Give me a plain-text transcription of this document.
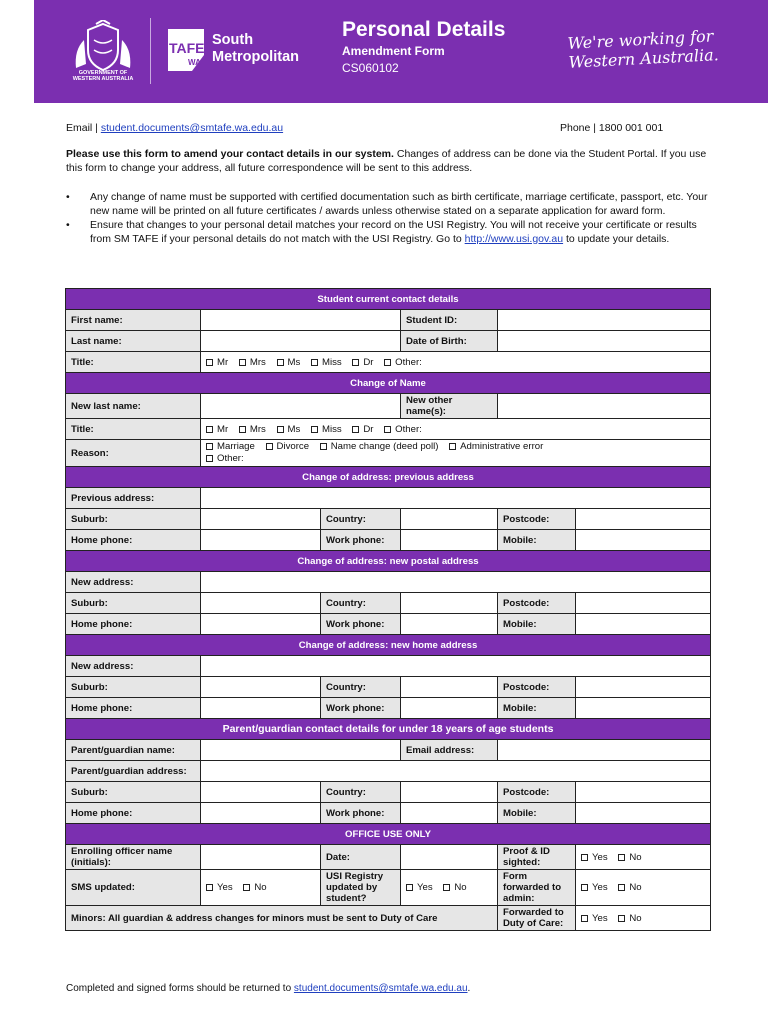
GOVERNMENT OF
WESTERN AUSTRALIA
TAFE
WA
South
Metropolitan
Personal Details
Amendment Form
CS060102
We're working for
Western Australia.
Email | student.documents@smtafe.wa.edu.au	Phone | 1800 001 001
Please use this form to amend your contact details in our system. Changes of address can be done via the Student Portal. If you use this form to change your address, all future correspondence will be sent to this address.
• Any change of name must be supported with certified documentation such as birth certificate, marriage certificate, passport, etc. Your new name will be printed on all future certificates / awards unless otherwise stated on a separate application for award form.
• Ensure that changes to your personal detail matches your record on the USI Registry. You will not receive your certificate or results from SM TAFE if your personal details do not match with the USI Registry. Go to http://www.usi.gov.au to update your details.
Student current contact details					
First name:			Student ID:		
Last name:			Date of Birth:		
Title:	Mr Mrs Ms Miss Dr Other:				
Change of Name					
New last name:			New other name(s):		
Title:	Mr Mrs Ms Miss Dr Other:				
Reason:	Marriage Divorce Name change (deed poll) Administrative error
Other:				
Change of address: previous address					
Previous address:					
Suburb:		Country:		Postcode:	
Home phone:		Work phone:		Mobile:	
Change of address: new postal address					
New address:					
Suburb:		Country:		Postcode:	
Home phone:		Work phone:		Mobile:	
Change of address: new home address					
New address:					
Suburb:		Country:		Postcode:	
Home phone:		Work phone:		Mobile:	
Parent/guardian contact details for under 18 years of age students					
Parent/guardian name:			Email address:		
Parent/guardian address:					
Suburb:		Country:		Postcode:	
Home phone:		Work phone:		Mobile:	
OFFICE USE ONLY					
Enrolling officer name (initials):		Date:		Proof & ID sighted:	Yes No
SMS updated:	Yes No	USI Registry updated by student?	Yes No	Form forwarded to admin:	Yes No
Minors: All guardian & address changes for minors must be sent to Duty of Care				Forwarded to Duty of Care:	Yes No
Completed and signed forms should be returned to student.documents@smtafe.wa.edu.au.
